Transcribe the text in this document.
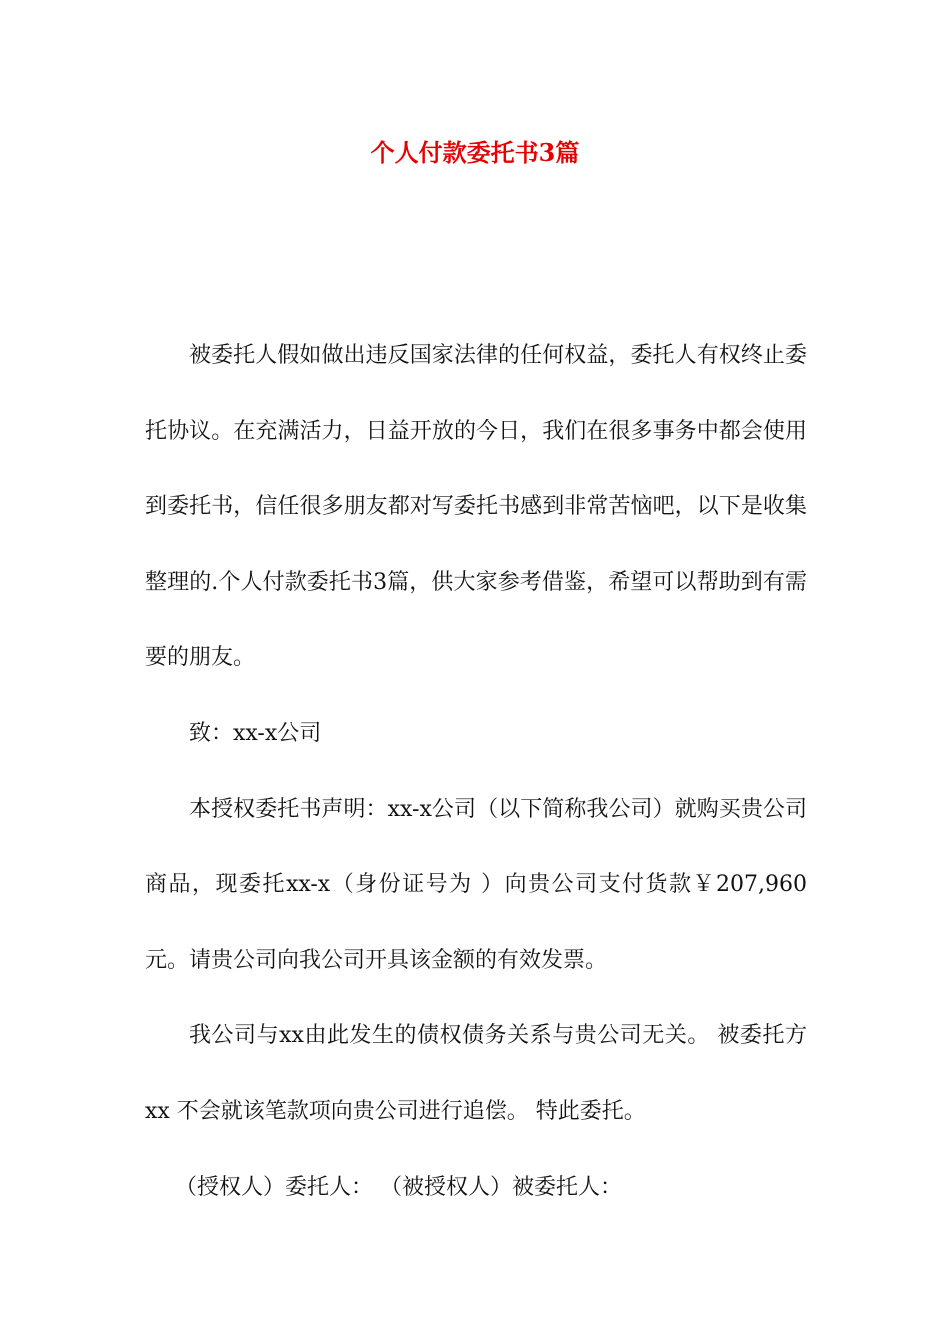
个人付款委托书3篇

被委托人假如做出违反国家法律的任何权益，委托人有权终止委托协议。在充满活力，日益开放的今日，我们在很多事务中都会使用到委托书，信任很多朋友都对写委托书感到非常苦恼吧，以下是收集整理的.个人付款委托书3篇，供大家参考借鉴，希望可以帮助到有需要的朋友。

致：xx-x公司

本授权委托书声明：xx-x公司（以下简称我公司）就购买贵公司商品，现委托xx-x（身份证号为 ）向贵公司支付货款￥207,960元。请贵公司向我公司开具该金额的有效发票。

我公司与xx由此发生的债权债务关系与贵公司无关。 被委托方 xx 不会就该笔款项向贵公司进行追偿。 特此委托。

（授权人）委托人： （被授权人）被委托人：
